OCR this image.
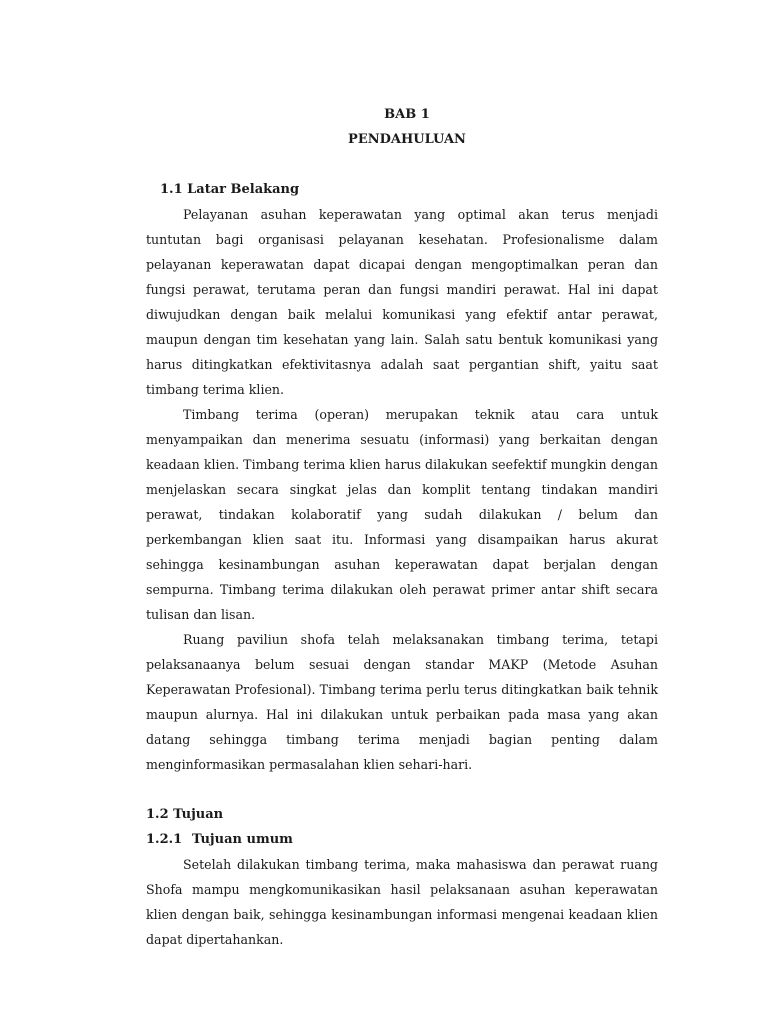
BAB 1

PENDAHULUAN

1.1 Latar Belakang

Pelayanan asuhan keperawatan yang optimal akan terus menjadi tuntutan bagi organisasi pelayanan kesehatan. Profesionalisme dalam pelayanan keperawatan dapat dicapai dengan mengoptimalkan peran dan fungsi perawat, terutama peran dan fungsi mandiri perawat. Hal ini dapat diwujudkan dengan baik melalui komunikasi yang efektif antar perawat, maupun dengan tim kesehatan yang lain. Salah satu bentuk komunikasi yang harus ditingkatkan efektivitasnya adalah saat pergantian shift, yaitu saat timbang terima klien.

Timbang terima (operan) merupakan teknik atau cara untuk menyampaikan dan menerima sesuatu (informasi) yang berkaitan dengan keadaan klien. Timbang terima klien harus dilakukan seefektif mungkin dengan menjelaskan secara singkat jelas dan komplit tentang tindakan mandiri perawat, tindakan kolaboratif yang sudah dilakukan / belum dan perkembangan klien saat itu. Informasi yang disampaikan harus akurat sehingga kesinambungan asuhan keperawatan dapat berjalan dengan sempurna. Timbang terima dilakukan oleh perawat primer antar shift secara tulisan dan lisan.

Ruang paviliun shofa telah melaksanakan timbang terima, tetapi pelaksanaanya belum sesuai dengan standar MAKP (Metode Asuhan Keperawatan Profesional). Timbang terima perlu terus ditingkatkan baik tehnik maupun alurnya. Hal ini dilakukan untuk perbaikan pada masa yang akan datang sehingga timbang terima menjadi bagian penting dalam menginformasikan permasalahan klien sehari-hari.

1.2 Tujuan

1.2.1 Tujuan umum

Setelah dilakukan timbang terima, maka mahasiswa dan perawat ruang Shofa mampu mengkomunikasikan hasil pelaksanaan asuhan keperawatan klien dengan baik, sehingga kesinambungan informasi mengenai keadaan klien dapat dipertahankan.
